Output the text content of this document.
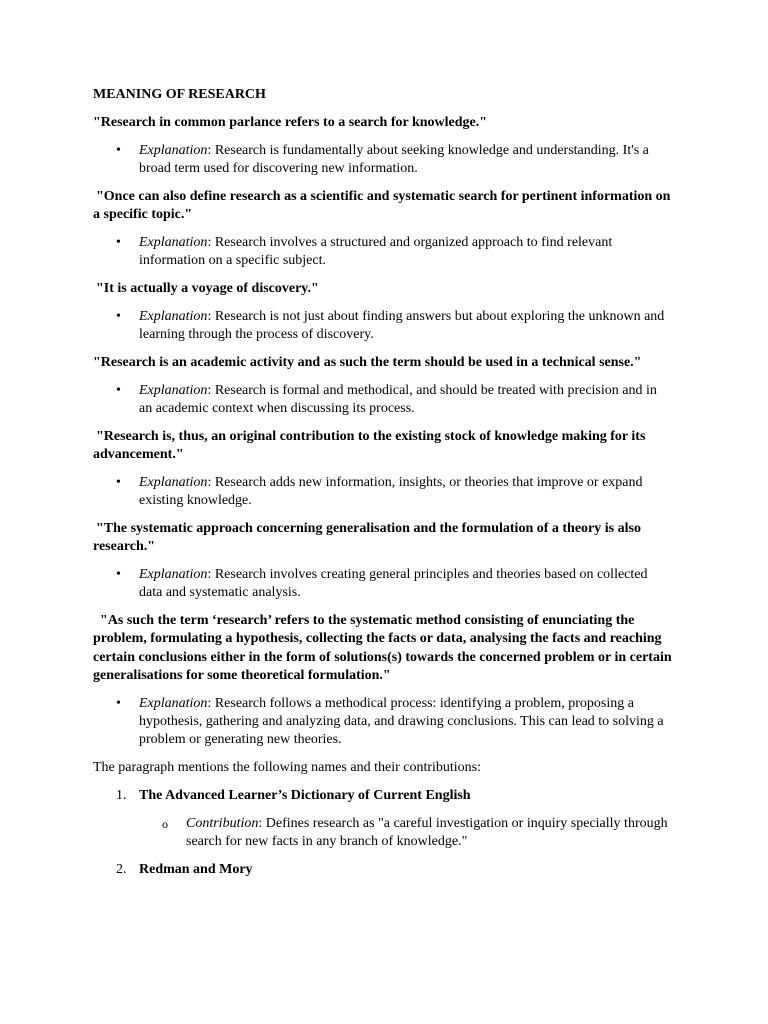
MEANING OF RESEARCH

"Research in common parlance refers to a search for knowledge."

• Explanation: Research is fundamentally about seeking knowledge and understanding. It's a broad term used for discovering new information.

"Once can also define research as a scientific and systematic search for pertinent information on a specific topic."

• Explanation: Research involves a structured and organized approach to find relevant information on a specific subject.

"It is actually a voyage of discovery."

• Explanation: Research is not just about finding answers but about exploring the unknown and learning through the process of discovery.

"Research is an academic activity and as such the term should be used in a technical sense."

• Explanation: Research is formal and methodical, and should be treated with precision and in an academic context when discussing its process.

"Research is, thus, an original contribution to the existing stock of knowledge making for its advancement."

• Explanation: Research adds new information, insights, or theories that improve or expand existing knowledge.

"The systematic approach concerning generalisation and the formulation of a theory is also research."

• Explanation: Research involves creating general principles and theories based on collected data and systematic analysis.

"As such the term ‘research’ refers to the systematic method consisting of enunciating the problem, formulating a hypothesis, collecting the facts or data, analysing the facts and reaching certain conclusions either in the form of solutions(s) towards the concerned problem or in certain generalisations for some theoretical formulation."

• Explanation: Research follows a methodical process: identifying a problem, proposing a hypothesis, gathering and analyzing data, and drawing conclusions. This can lead to solving a problem or generating new theories.

The paragraph mentions the following names and their contributions:

1. The Advanced Learner’s Dictionary of Current English
o Contribution: Defines research as "a careful investigation or inquiry specially through search for new facts in any branch of knowledge."
2. Redman and Mory
